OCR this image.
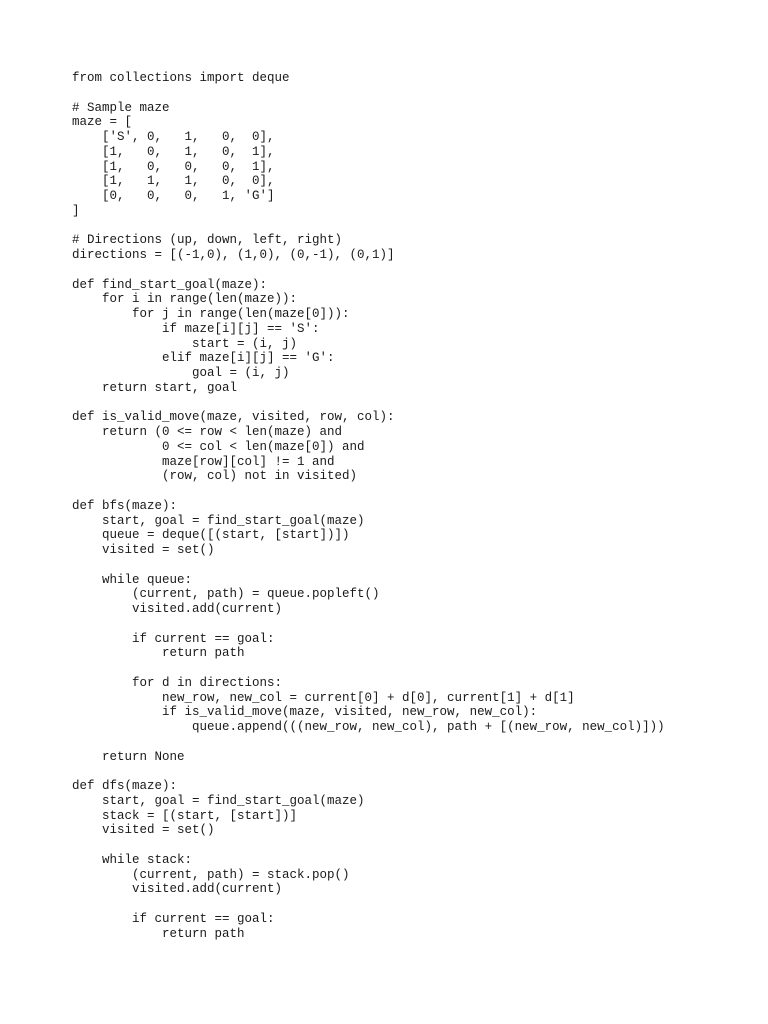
from collections import deque
# Sample maze
maze = [
['S', 0,   1,   0,  0],
[1,   0,   1,   0,  1],
[1,   0,   0,   0,  1],
[1,   1,   1,   0,  0],
[0,   0,   0,   1, 'G']
]
# Directions (up, down, left, right)
directions = [(-1,0), (1,0), (0,-1), (0,1)]
def find_start_goal(maze):
for i in range(len(maze)):
for j in range(len(maze[0])):
if maze[i][j] == 'S':
start = (i, j)
elif maze[i][j] == 'G':
goal = (i, j)
return start, goal
def is_valid_move(maze, visited, row, col):
return (0 <= row < len(maze) and
0 <= col < len(maze[0]) and
maze[row][col] != 1 and
(row, col) not in visited)
def bfs(maze):
start, goal = find_start_goal(maze)
queue = deque([(start, [start])])
visited = set()
while queue:
(current, path) = queue.popleft()
visited.add(current)
if current == goal:
return path
for d in directions:
new_row, new_col = current[0] + d[0], current[1] + d[1]
if is_valid_move(maze, visited, new_row, new_col):
queue.append(((new_row, new_col), path + [(new_row, new_col)]))
return None
def dfs(maze):
start, goal = find_start_goal(maze)
stack = [(start, [start])]
visited = set()
while stack:
(current, path) = stack.pop()
visited.add(current)
if current == goal:
return path
